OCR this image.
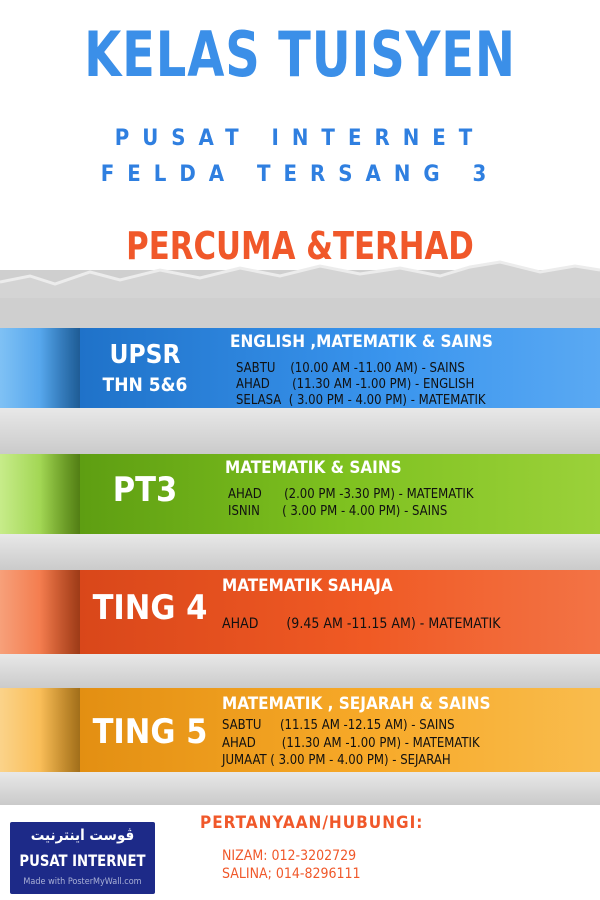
KELAS TUISYEN
PUSAT INTERNET
FELDA TERSANG 3
PERCUMA &TERHAD
UPSR
THN 5&6
ENGLISH ,MATEMATIK & SAINS
SABTU    (10.00 AM -11.00 AM) - SAINS
AHAD      (11.30 AM -1.00 PM) - ENGLISH
SELASA  ( 3.00 PM - 4.00 PM) - MATEMATIK
PT3
MATEMATIK & SAINS
AHAD      (2.00 PM -3.30 PM) - MATEMATIK
ISNIN      ( 3.00 PM - 4.00 PM) - SAINS
TING 4
MATEMATIK SAHAJA
AHAD       (9.45 AM -11.15 AM) - MATEMATIK
TING 5
MATEMATIK , SEJARAH & SAINS
SABTU     (11.15 AM -12.15 AM) - SAINS
AHAD       (11.30 AM -1.00 PM) - MATEMATIK
JUMAAT ( 3.00 PM - 4.00 PM) - SEJARAH
ڤوست اينترنيت
PUSAT INTERNET
Made with PosterMyWall.com
PERTANYAAN/HUBUNGI:
NIZAM: 012-3202729
SALINA; 014-8296111
